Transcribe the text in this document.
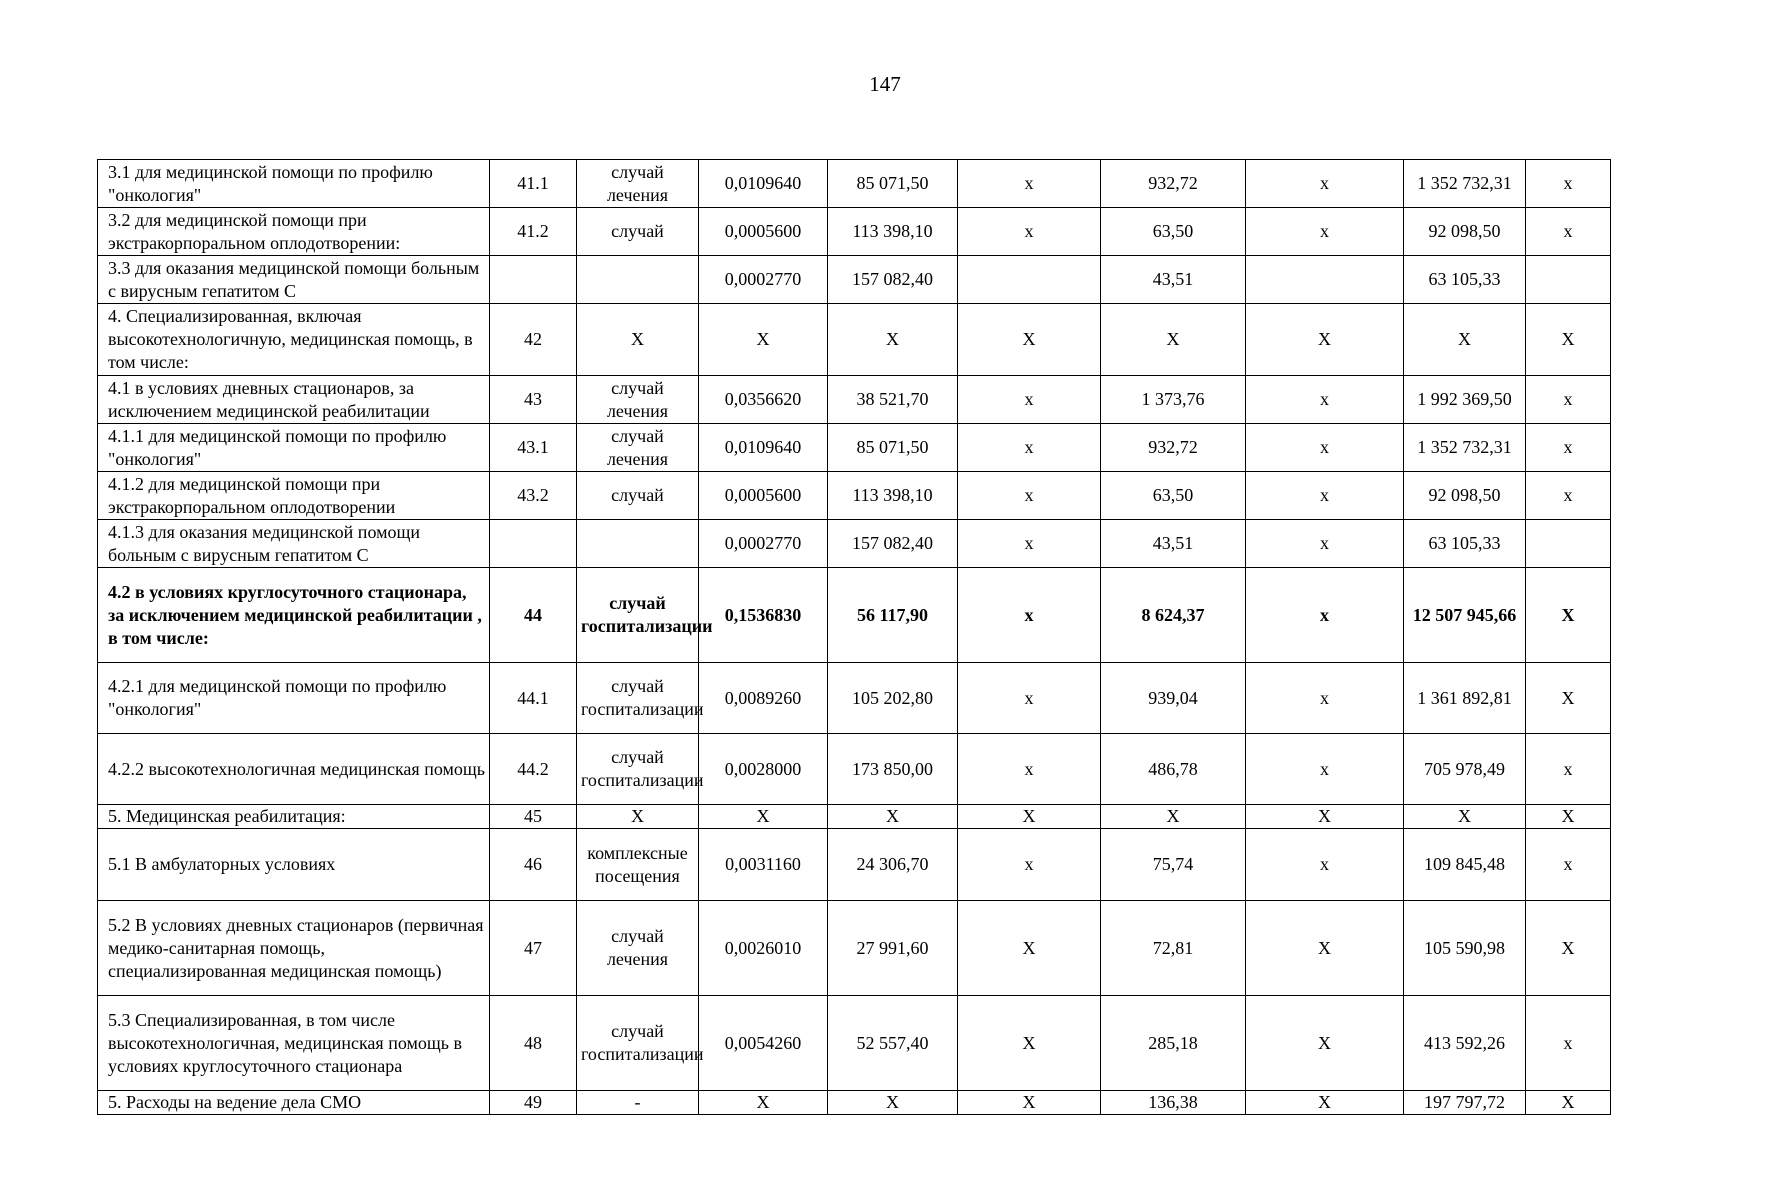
147
3.1 для медицинской помощи по профилю "онкология"	41.1	случай лечения	0,0109640	85 071,50	х	932,72	х	1 352 732,31	х
3.2 для медицинской помощи при экстракорпоральном оплодотворении:	41.2	случай	0,0005600	113 398,10	х	63,50	х	92 098,50	х
3.3 для оказания медицинской помощи больным с вирусным гепатитом С			0,0002770	157 082,40		43,51		63 105,33	
4. Специализированная, включая высокотехнологичную, медицинская помощь, в том числе:	42	Х	Х	Х	Х	Х	Х	Х	Х
4.1 в условиях дневных стационаров, за исключением медицинской реабилитации	43	случай лечения	0,0356620	38 521,70	х	1 373,76	х	1 992 369,50	х
4.1.1 для медицинской помощи по профилю "онкология"	43.1	случай лечения	0,0109640	85 071,50	х	932,72	х	1 352 732,31	х
4.1.2 для медицинской помощи при экстракорпоральном оплодотворении	43.2	случай	0,0005600	113 398,10	х	63,50	х	92 098,50	х
4.1.3 для оказания медицинской помощи больным с вирусным гепатитом С			0,0002770	157 082,40	х	43,51	х	63 105,33	
4.2 в условиях круглосуточного стационара, за исключением медицинской реабилитации , в том числе:	44	случай госпитализации	0,1536830	56 117,90	х	8 624,37	х	12 507 945,66	Х
4.2.1 для медицинской помощи по профилю "онкология"	44.1	случай госпитализации	0,0089260	105 202,80	х	939,04	х	1 361 892,81	Х
4.2.2 высокотехнологичная медицинская помощь	44.2	случай госпитализации	0,0028000	173 850,00	х	486,78	х	705 978,49	х
5. Медицинская реабилитация:	45	Х	Х	Х	Х	Х	Х	Х	Х
5.1 В амбулаторных условиях	46	комплексные посещения	0,0031160	24 306,70	х	75,74	х	109 845,48	х
5.2 В условиях дневных стационаров (первичная медико-санитарная помощь, специализированная медицинская помощь)	47	случай лечения	0,0026010	27 991,60	Х	72,81	Х	105 590,98	Х
5.3 Специализированная, в том числе высокотехнологичная, медицинская помощь в условиях круглосуточного стационара	48	случай госпитализации	0,0054260	52 557,40	Х	285,18	Х	413 592,26	х
5. Расходы на ведение дела СМО	49	-	Х	Х	Х	136,38	Х	197 797,72	Х
